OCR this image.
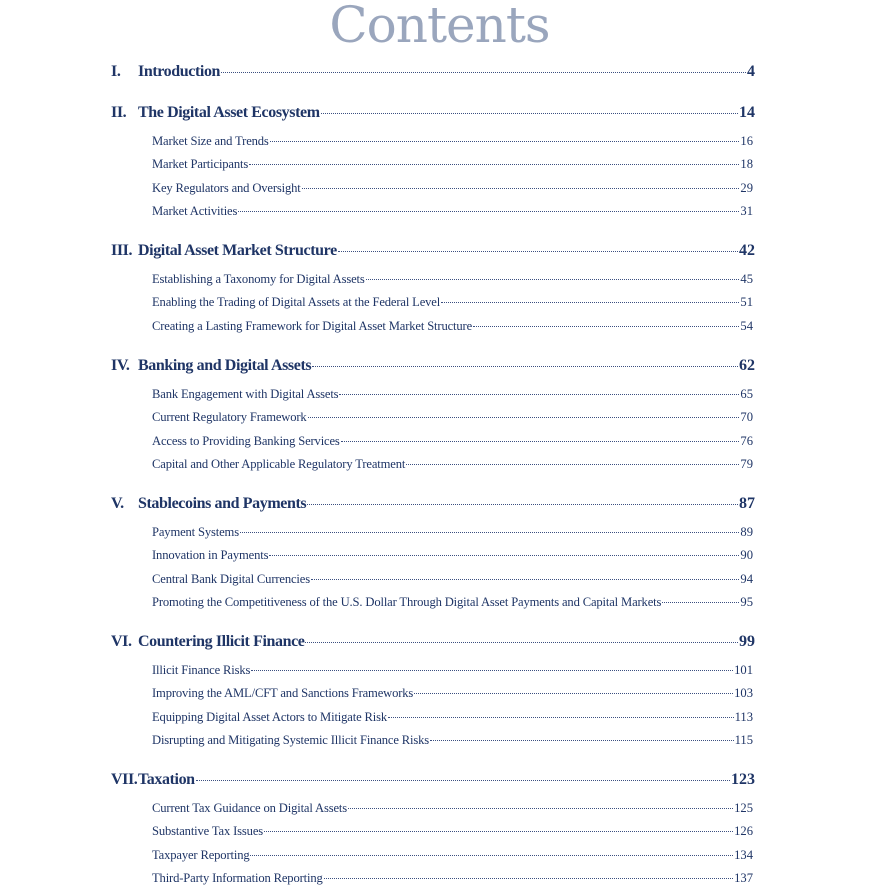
Contents
I. Introduction	4
II. The Digital Asset Ecosystem	14
Market Size and Trends	16
Market Participants	18
Key Regulators and Oversight	29
Market Activities	31
III. Digital Asset Market Structure	42
Establishing a Taxonomy for Digital Assets	45
Enabling the Trading of Digital Assets at the Federal Level	51
Creating a Lasting Framework for Digital Asset Market Structure	54
IV. Banking and Digital Assets	62
Bank Engagement with Digital Assets	65
Current Regulatory Framework	70
Access to Providing Banking Services	76
Capital and Other Applicable Regulatory Treatment	79
V. Stablecoins and Payments	87
Payment Systems	89
Innovation in Payments	90
Central Bank Digital Currencies	94
Promoting the Competitiveness of the U.S. Dollar Through Digital Asset Payments and Capital Markets	95
VI. Countering Illicit Finance	99
Illicit Finance Risks	101
Improving the AML/CFT and Sanctions Frameworks	103
Equipping Digital Asset Actors to Mitigate Risk	113
Disrupting and Mitigating Systemic Illicit Finance Risks	115
VII. Taxation	123
Current Tax Guidance on Digital Assets	125
Substantive Tax Issues	126
Taxpayer Reporting	134
Third-Party Information Reporting	137
